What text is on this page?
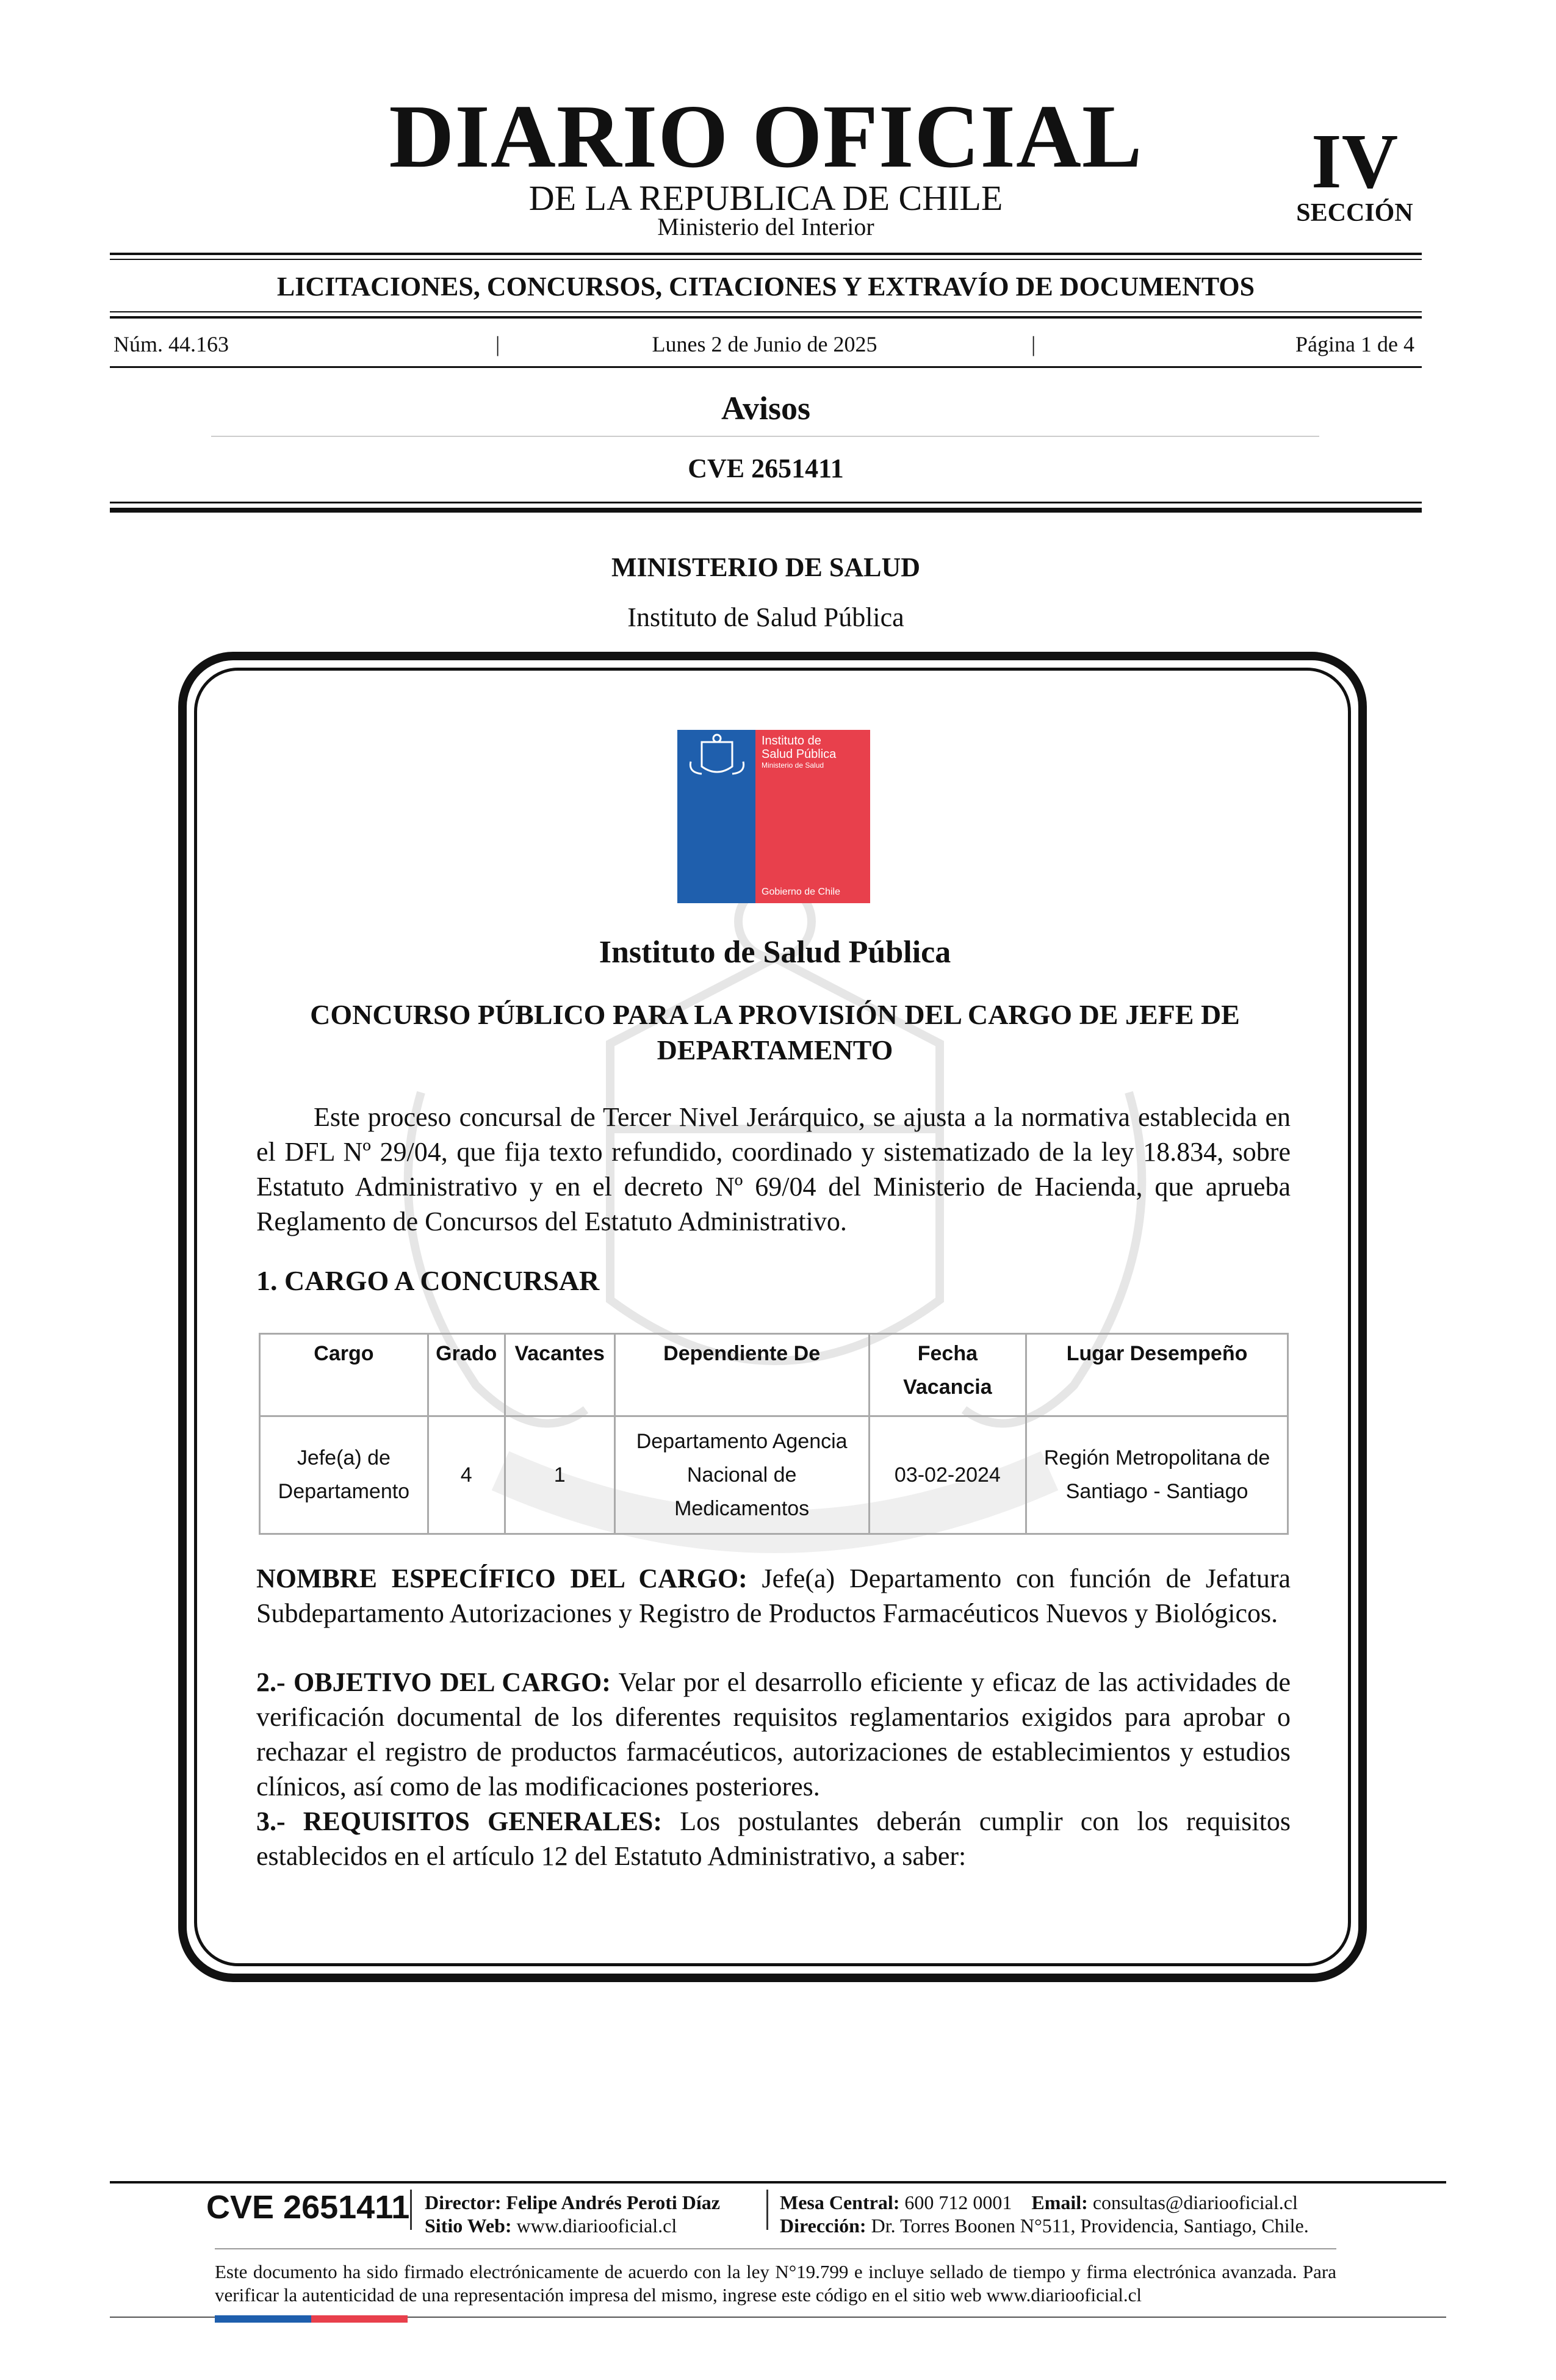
DIARIO OFICIAL
DE LA REPUBLICA DE CHILE
Ministerio del Interior
IV
SECCIÓN
LICITACIONES, CONCURSOS, CITACIONES Y EXTRAVÍO DE DOCUMENTOS
Núm. 44.163	|	Lunes 2 de Junio de 2025	|	Página 1 de 4
Avisos
CVE 2651411
MINISTERIO DE SALUD
Instituto de Salud Pública
Instituto de
Salud Pública
Ministerio de Salud
Gobierno de Chile
Instituto de Salud Pública
CONCURSO PÚBLICO PARA LA PROVISIÓN DEL CARGO DE JEFE DE DEPARTAMENTO
Este proceso concursal de Tercer Nivel Jerárquico, se ajusta a la normativa establecida en el DFL Nº 29/04, que fija texto refundido, coordinado y sistematizado de la ley 18.834, sobre Estatuto Administrativo y en el decreto Nº 69/04 del Ministerio de Hacienda, que aprueba Reglamento de Concursos del Estatuto Administrativo.
1. CARGO A CONCURSAR
Cargo	Grado	Vacantes	Dependiente De	Fecha Vacancia	Lugar Desempeño
Jefe(a) de Departamento	4	1	Departamento Agencia Nacional de Medicamentos	03-02-2024	Región Metropolitana de Santiago - Santiago
NOMBRE ESPECÍFICO DEL CARGO: Jefe(a) Departamento con función de Jefatura Subdepartamento Autorizaciones y Registro de Productos Farmacéuticos Nuevos y Biológicos.
2.- OBJETIVO DEL CARGO: Velar por el desarrollo eficiente y eficaz de las actividades de verificación documental de los diferentes requisitos reglamentarios exigidos para aprobar o rechazar el registro de productos farmacéuticos, autorizaciones de establecimientos y estudios clínicos, así como de las modificaciones posteriores.
3.- REQUISITOS GENERALES: Los postulantes deberán cumplir con los requisitos establecidos en el artículo 12 del Estatuto Administrativo, a saber:
CVE 2651411 Director: Felipe Andrés Peroti Díaz
Sitio Web: www.diariooficial.cl
Mesa Central: 600 712 0001 Email: consultas@diariooficial.cl
Dirección: Dr. Torres Boonen N°511, Providencia, Santiago, Chile.
Este documento ha sido firmado electrónicamente de acuerdo con la ley N°19.799 e incluye sellado de tiempo y firma electrónica avanzada. Para verificar la autenticidad de una representación impresa del mismo, ingrese este código en el sitio web www.diariooficial.cl
